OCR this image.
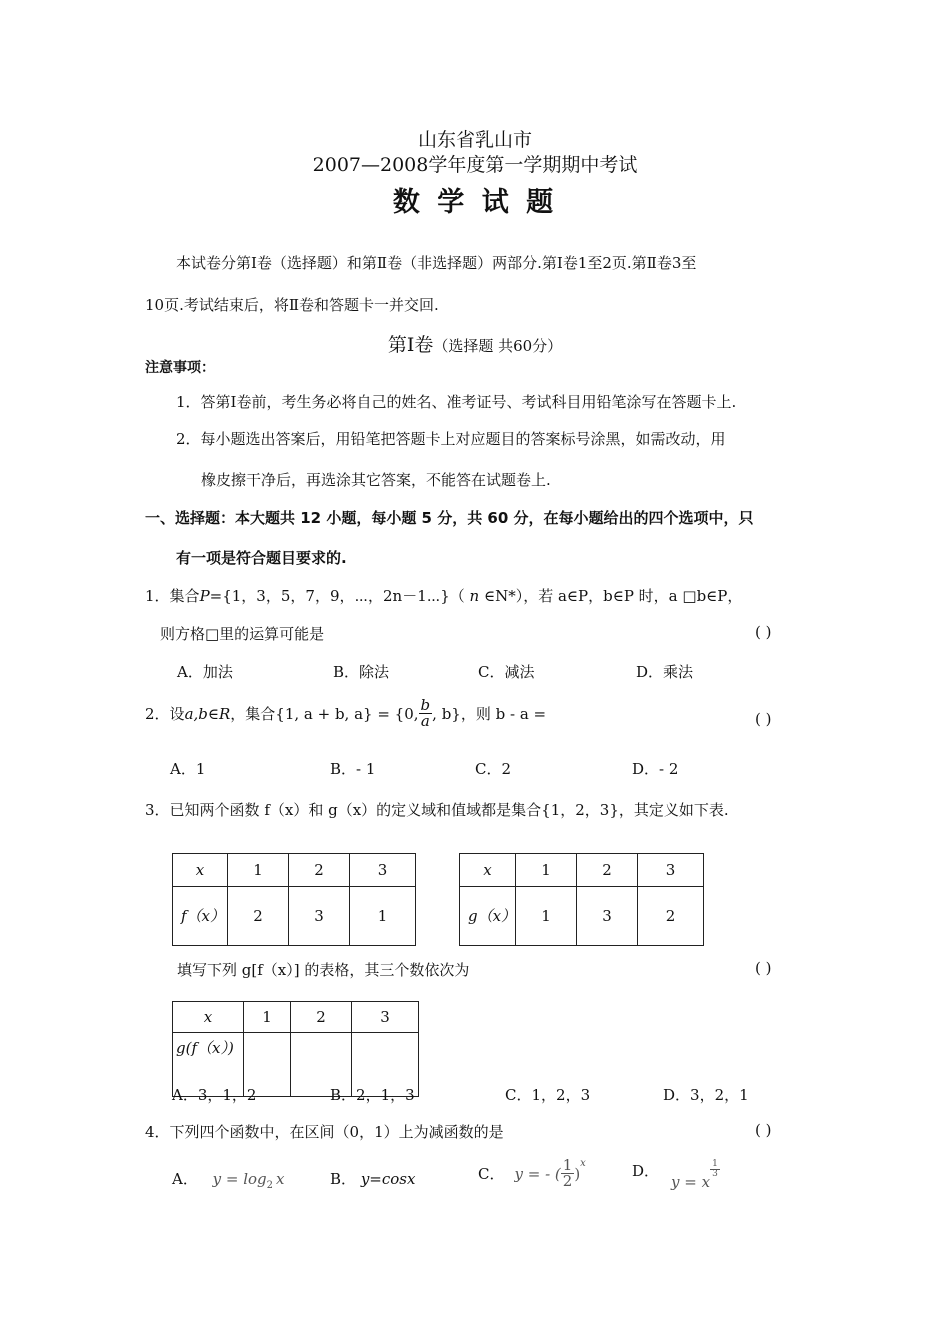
山东省乳山市
2007—2008学年度第一学期期中考试
数 学 试 题
本试卷分第Ⅰ卷（选择题）和第Ⅱ卷（非选择题）两部分.第Ⅰ卷1至2页.第Ⅱ卷3至
10页.考试结束后，将Ⅱ卷和答题卡一并交回.
第Ⅰ卷（选择题 共60分）
注意事项：
1．答第Ⅰ卷前，考生务必将自己的姓名、准考证号、考试科目用铅笔涂写在答题卡上.
2．每小题选出答案后，用铅笔把答题卡上对应题目的答案标号涂黑，如需改动，用
橡皮擦干净后，再选涂其它答案，不能答在试题卷上.
一、选择题：本大题共 12 小题，每小题 5 分，共 60 分，在每小题给出的四个选项中，只
有一项是符合题目要求的.
1．集合P={1，3，5，7，9，⋯，2n－1⋯}（ n ∈N*），若 a∈P，b∈P 时，a □b∈P，
则方格□里的运算可能是	( )
A．加法	B．除法	C．减法	D．乘法
2． 设 a,b∈R ，集合{1, a + b, a} = {0, $\frac{b}{a}$ , b}，则 b - a =	( )
A．1	B．- 1	C．2	D．- 2
3．已知两个函数 f（x）和 g（x）的定义域和值域都是集合{1，2，3}，其定义如下表.
x	1	2	3
f（x）	2	3	1
x	1	2	3
g（x）	1	3	2
填写下列 g[f（x）] 的表格，其三个数依次为	( )
x	1	2	3
g(f（x）)			
A．3，1，2	B．2，1，3	C．1，2，3	D．3，2，1
4．下列四个函数中，在区间（0，1）上为减函数的是	( )
A． $y = \log_2 x$	B． y=cosx	C． y = - ( $\frac{1}{2}$ )
$^x$	D．
y = x
$\frac{1}{3}$
